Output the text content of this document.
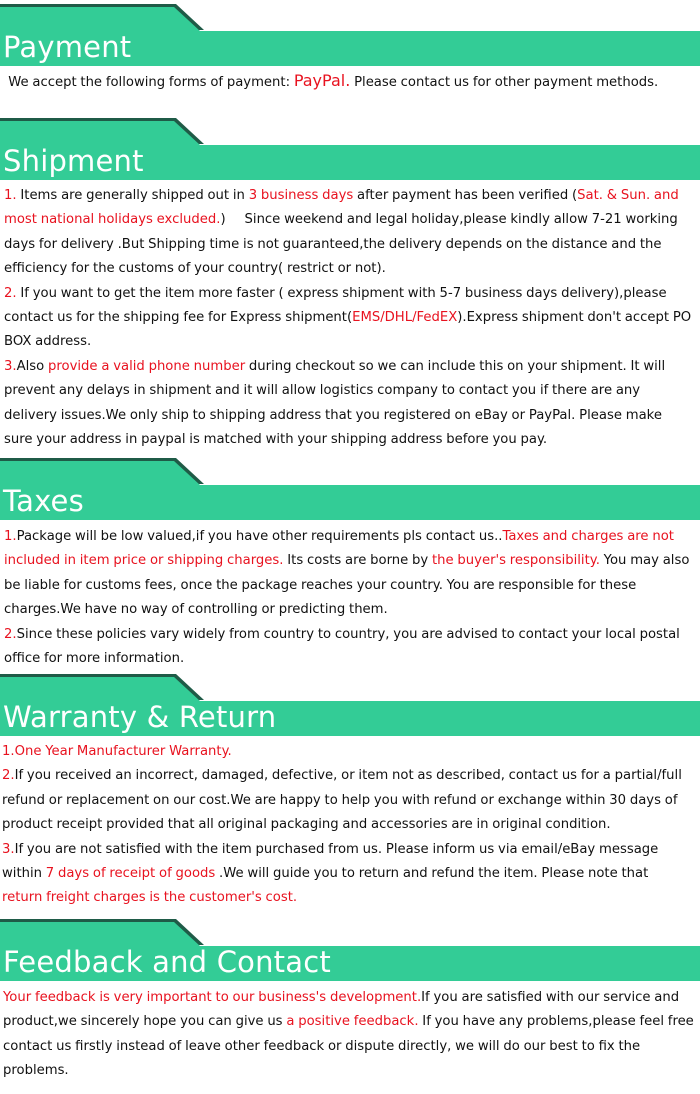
Payment

We accept the following forms of payment: PayPal. Please contact us for other payment methods.

Shipment

1. Items are generally shipped out in 3 business days after payment has been verified (Sat. & Sun. and most national holidays excluded.)     Since weekend and legal holiday,please kindly allow 7-21 working days for delivery .But Shipping time is not guaranteed,the delivery depends on the distance and the efficiency for the customs of your country( restrict or not).

2. If you want to get the item more faster ( express shipment with 5-7 business days delivery),please contact us for the shipping fee for Express shipment(EMS/DHL/FedEX).Express shipment don't accept PO BOX address.

3.Also provide a valid phone number during checkout so we can include this on your shipment. It will prevent any delays in shipment and it will allow logistics company to contact you if there are any delivery issues.We only ship to shipping address that you registered on eBay or PayPal. Please make sure your address in paypal is matched with your shipping address before you pay.

Taxes

1.Package will be low valued,if you have other requirements pls contact us..Taxes and charges are not included in item price or shipping charges. Its costs are borne by the buyer's responsibility. You may also be liable for customs fees, once the package reaches your country. You are responsible for these charges.We have no way of controlling or predicting them.

2.Since these policies vary widely from country to country, you are advised to contact your local postal office for more information.

Warranty & Return

1.One Year Manufacturer Warranty.

2.If you received an incorrect, damaged, defective, or item not as described, contact us for a partial/full refund or replacement on our cost.We are happy to help you with refund or exchange within 30 days of product receipt provided that all original packaging and accessories are in original condition.

3.If you are not satisfied with the item purchased from us. Please inform us via email/eBay message within 7 days of receipt of goods .We will guide you to return and refund the item. Please note that  return freight charges is the customer's cost.

Feedback and Contact

Your feedback is very important to our business's development.If you are satisfied with our service and product,we sincerely hope you can give us a positive feedback. If you have any problems,please feel free contact us firstly instead of leave other feedback or dispute directly, we will do our best to fix the problems.
